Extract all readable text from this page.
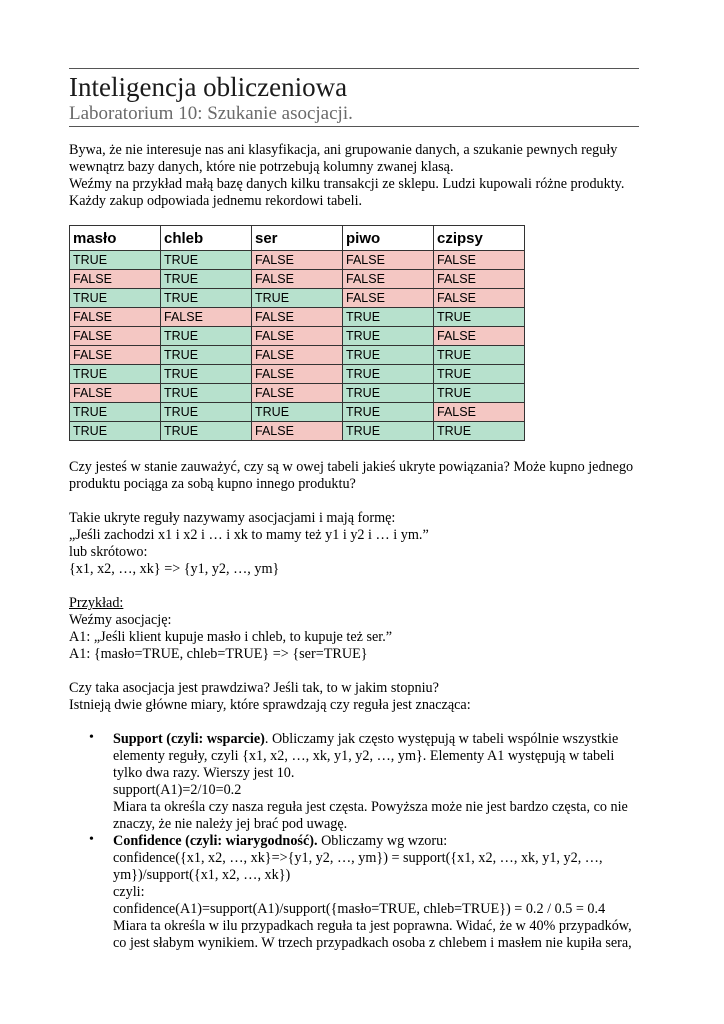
Inteligencja obliczeniowa
Laboratorium 10: Szukanie asocjacji.
Bywa, że nie interesuje nas ani klasyfikacja, ani grupowanie danych, a szukanie pewnych reguły
wewnątrz bazy danych, które nie potrzebują kolumny zwanej klasą.
Weźmy na przykład małą bazę danych kilku transakcji ze sklepu. Ludzi kupowali różne produkty.
Każdy zakup odpowiada jednemu rekordowi tabeli.
masło	chleb	ser	piwo	czipsy
TRUE	TRUE	FALSE	FALSE	FALSE
FALSE	TRUE	FALSE	FALSE	FALSE
TRUE	TRUE	TRUE	FALSE	FALSE
FALSE	FALSE	FALSE	TRUE	TRUE
FALSE	TRUE	FALSE	TRUE	FALSE
FALSE	TRUE	FALSE	TRUE	TRUE
TRUE	TRUE	FALSE	TRUE	TRUE
FALSE	TRUE	FALSE	TRUE	TRUE
TRUE	TRUE	TRUE	TRUE	FALSE
TRUE	TRUE	FALSE	TRUE	TRUE
Czy jesteś w stanie zauważyć, czy są w owej tabeli jakieś ukryte powiązania? Może kupno jednego
produktu pociąga za sobą kupno innego produktu?
Takie ukryte reguły nazywamy asocjacjami i mają formę:
„Jeśli zachodzi x1 i x2 i … i xk to mamy też y1 i y2 i … i ym.”
lub skrótowo:
{x1, x2, …, xk} => {y1, y2, …, ym}
Przykład:
Weźmy asocjację:
A1: „Jeśli klient kupuje masło i chleb, to kupuje też ser.”
A1: {masło=TRUE, chleb=TRUE} => {ser=TRUE}
Czy taka asocjacja jest prawdziwa? Jeśli tak, to w jakim stopniu?
Istnieją dwie główne miary, które sprawdzają czy reguła jest znacząca:
• Support (czyli: wsparcie). Obliczamy jak często występują w tabeli wspólnie wszystkie
elementy reguły, czyli {x1, x2, …, xk, y1, y2, …, ym}. Elementy A1 występują w tabeli
tylko dwa razy. Wierszy jest 10.
support(A1)=2/10=0.2
Miara ta określa czy nasza reguła jest częsta. Powyższa może nie jest bardzo częsta, co nie
znaczy, że nie należy jej brać pod uwagę.
• Confidence (czyli: wiarygodność). Obliczamy wg wzoru:
confidence({x1, x2, …, xk}=>{y1, y2, …, ym}) = support({x1, x2, …, xk, y1, y2, …,
ym})/support({x1, x2, …, xk})
czyli:
confidence(A1)=support(A1)/support({masło=TRUE, chleb=TRUE}) = 0.2 / 0.5 = 0.4
Miara ta określa w ilu przypadkach reguła ta jest poprawna. Widać, że w 40% przypadków,
co jest słabym wynikiem. W trzech przypadkach osoba z chlebem i masłem nie kupiła sera,
